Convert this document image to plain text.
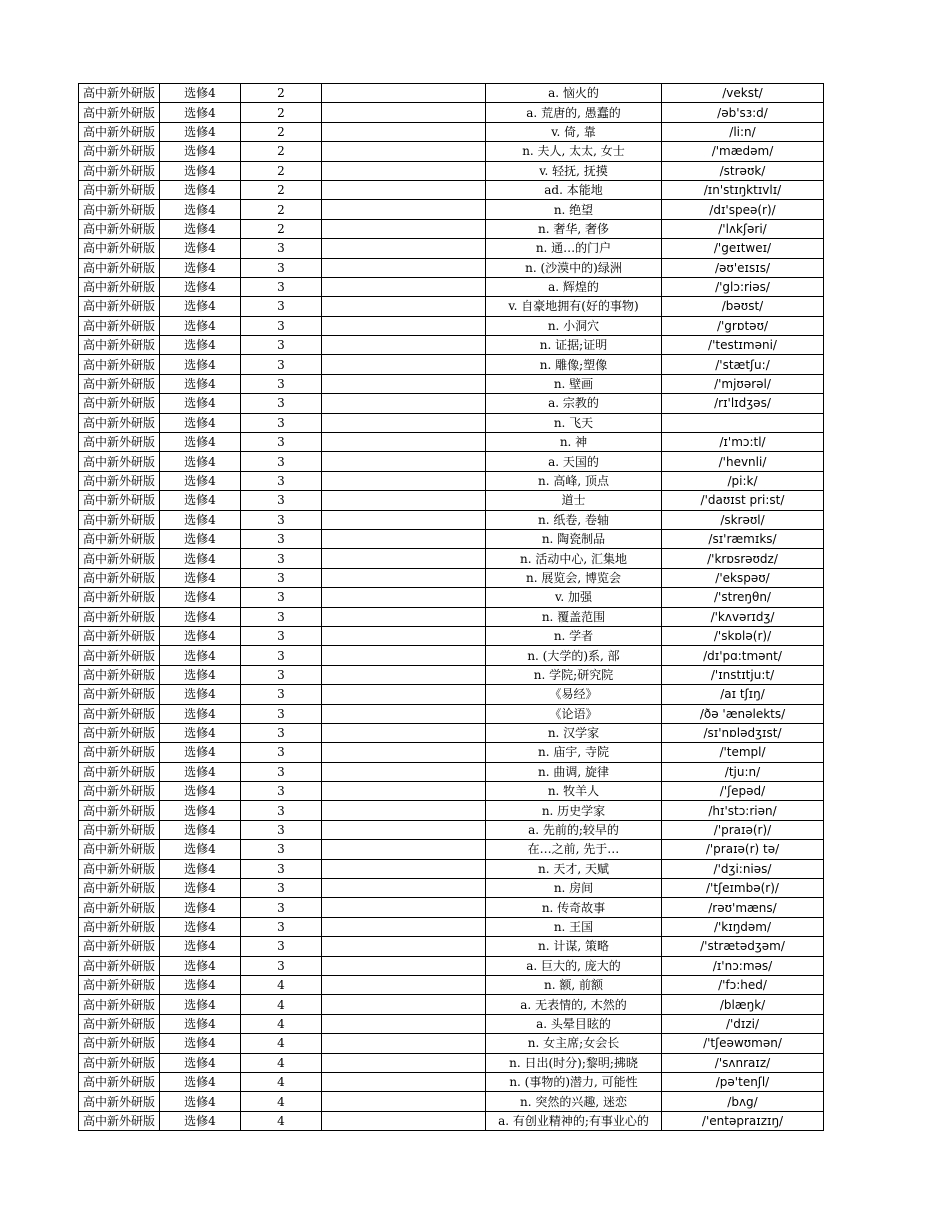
高中新外研版	选修4	2		a. 恼火的	/vekst/
高中新外研版	选修4	2		a. 荒唐的, 愚蠢的	/əb'sɜ:d/
高中新外研版	选修4	2		v. 倚, 靠	/li:n/
高中新外研版	选修4	2		n. 夫人, 太太, 女士	/'mædəm/
高中新外研版	选修4	2		v. 轻抚, 抚摸	/strəʊk/
高中新外研版	选修4	2		ad. 本能地	/ɪn'stɪŋktɪvlɪ/
高中新外研版	选修4	2		n. 绝望	/dɪ'speə(r)/
高中新外研版	选修4	2		n. 奢华, 奢侈	/'lʌkʃəri/
高中新外研版	选修4	3		n. 通…的门户	/'geɪtweɪ/
高中新外研版	选修4	3		n. (沙漠中的)绿洲	/əʊ'eɪsɪs/
高中新外研版	选修4	3		a. 辉煌的	/'glɔ:riəs/
高中新外研版	选修4	3		v. 自豪地拥有(好的事物)	/bəʊst/
高中新外研版	选修4	3		n. 小洞穴	/'grɒtəʊ/
高中新外研版	选修4	3		n. 证据;证明	/'testɪməni/
高中新外研版	选修4	3		n. 雕像;塑像	/'stætʃu:/
高中新外研版	选修4	3		n. 壁画	/'mjʊərəl/
高中新外研版	选修4	3		a. 宗教的	/rɪ'lɪdʒəs/
高中新外研版	选修4	3		n. 飞天	
高中新外研版	选修4	3		n. 神	/ɪ'mɔ:tl/
高中新外研版	选修4	3		a. 天国的	/'hevnli/
高中新外研版	选修4	3		n. 高峰, 顶点	/pi:k/
高中新外研版	选修4	3		道士	/'daʊɪst pri:st/
高中新外研版	选修4	3		n. 纸卷, 卷轴	/skrəʊl/
高中新外研版	选修4	3		n. 陶瓷制品	/sɪ'ræmɪks/
高中新外研版	选修4	3		n. 活动中心, 汇集地	/'krɒsrəʊdz/
高中新外研版	选修4	3		n. 展览会, 博览会	/'ekspəʊ/
高中新外研版	选修4	3		v. 加强	/'streŋθn/
高中新外研版	选修4	3		n. 覆盖范围	/'kʌvərɪdʒ/
高中新外研版	选修4	3		n. 学者	/'skɒlə(r)/
高中新外研版	选修4	3		n. (大学的)系, 部	/dɪ'pɑ:tmənt/
高中新外研版	选修4	3		n. 学院;研究院	/'ɪnstɪtju:t/
高中新外研版	选修4	3		《易经》	/aɪ tʃɪŋ/
高中新外研版	选修4	3		《论语》	/ðə 'ænəlekts/
高中新外研版	选修4	3		n. 汉学家	/sɪ'nɒlədʒɪst/
高中新外研版	选修4	3		n. 庙宇, 寺院	/'templ/
高中新外研版	选修4	3		n. 曲调, 旋律	/tju:n/
高中新外研版	选修4	3		n. 牧羊人	/'ʃepəd/
高中新外研版	选修4	3		n. 历史学家	/hɪ'stɔ:riən/
高中新外研版	选修4	3		a. 先前的;较早的	/'praɪə(r)/
高中新外研版	选修4	3		在…之前, 先于…	/'praɪə(r) tə/
高中新外研版	选修4	3		n. 天才, 天赋	/'dʒi:niəs/
高中新外研版	选修4	3		n. 房间	/'tʃeɪmbə(r)/
高中新外研版	选修4	3		n. 传奇故事	/rəʊ'mæns/
高中新外研版	选修4	3		n. 王国	/'kɪŋdəm/
高中新外研版	选修4	3		n. 计谋, 策略	/'strætədʒəm/
高中新外研版	选修4	3		a. 巨大的, 庞大的	/ɪ'nɔ:məs/
高中新外研版	选修4	4		n. 额, 前额	/'fɔ:hed/
高中新外研版	选修4	4		a. 无表情的, 木然的	/blæŋk/
高中新外研版	选修4	4		a. 头晕目眩的	/'dɪzi/
高中新外研版	选修4	4		n. 女主席;女会长	/'tʃeəwʊmən/
高中新外研版	选修4	4		n. 日出(时分);黎明;拂晓	/'sʌnraɪz/
高中新外研版	选修4	4		n. (事物的)潜力, 可能性	/pə'tenʃl/
高中新外研版	选修4	4		n. 突然的兴趣, 迷恋	/bʌg/
高中新外研版	选修4	4		a. 有创业精神的;有事业心的	/'entəpraɪzɪŋ/
